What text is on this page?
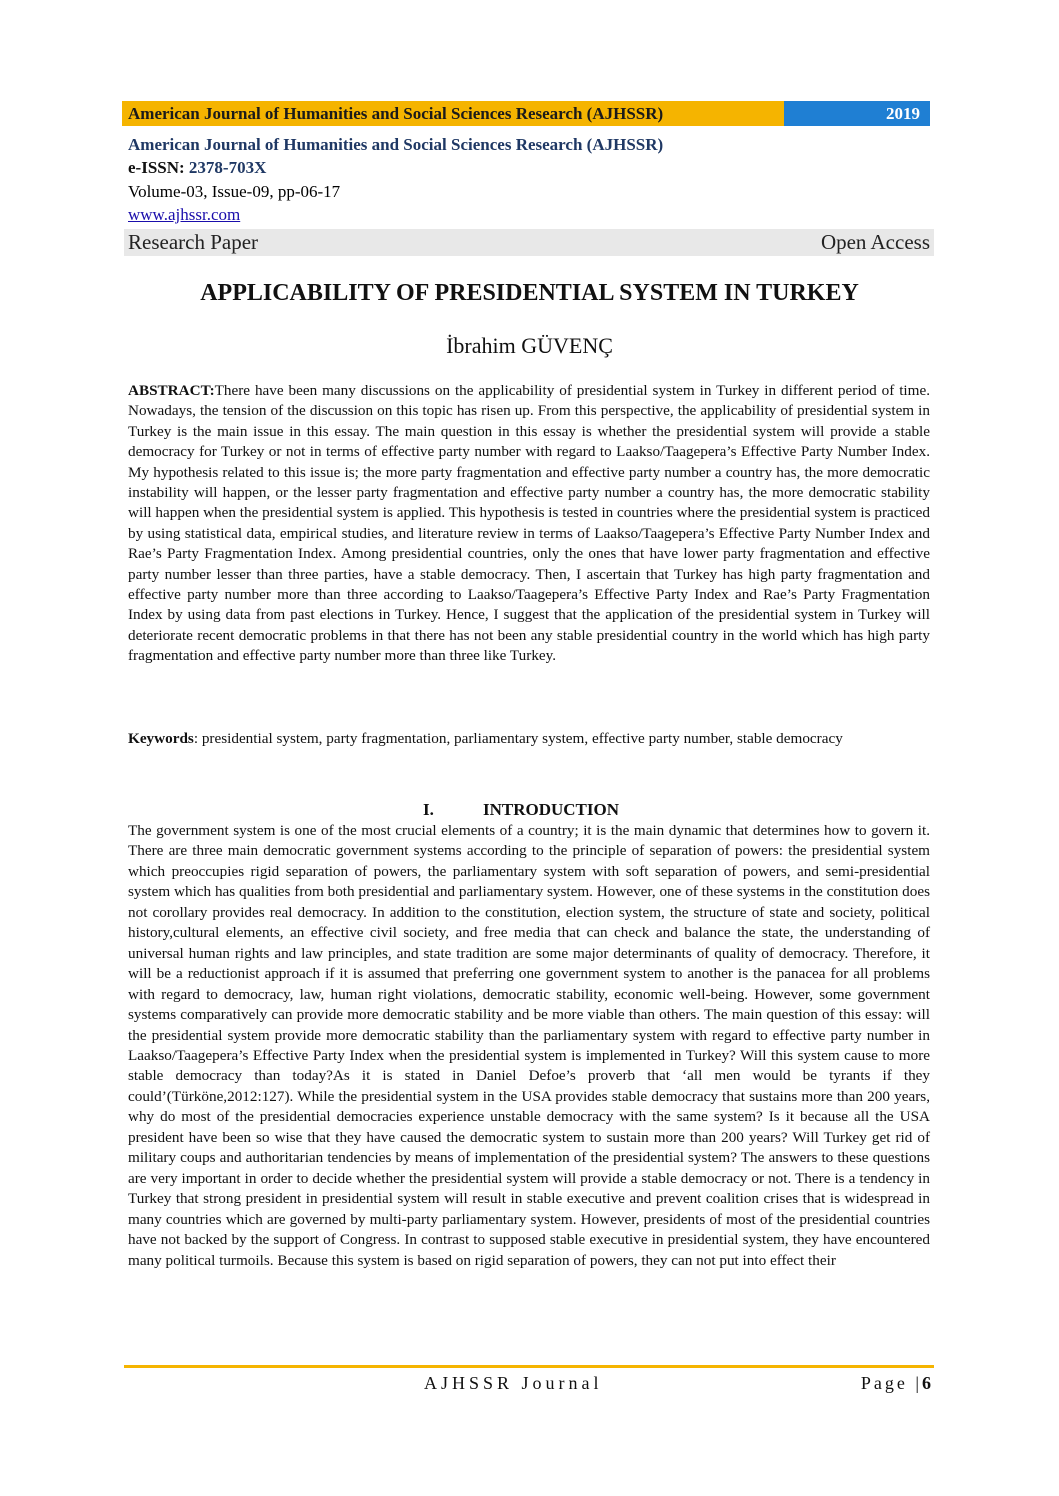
American Journal of Humanities and Social Sciences Research (AJHSSR)	2019
American Journal of Humanities and Social Sciences Research (AJHSSR)
e-ISSN: 2378-703X
Volume-03, Issue-09, pp-06-17
www.ajhssr.com
Research Paper	Open Access
APPLICABILITY OF PRESIDENTIAL SYSTEM IN TURKEY
İbrahim GÜVENÇ
ABSTRACT:There have been many discussions on the applicability of presidential system in Turkey in different period of time. Nowadays, the tension of the discussion on this topic has risen up. From this perspective, the applicability of presidential system in Turkey is the main issue in this essay. The main question in this essay is whether the presidential system will provide a stable democracy for Turkey or not in terms of effective party number with regard to Laakso/Taagepera’s Effective Party Number Index. My hypothesis related to this issue is; the more party fragmentation and effective party number a country has, the more democratic instability will happen, or the lesser party fragmentation and effective party number a country has, the more democratic stability will happen when the presidential system is applied. This hypothesis is tested in countries where the presidential system is practiced by using statistical data, empirical studies, and literature review in terms of Laakso/Taagepera’s Effective Party Number Index and Rae’s Party Fragmentation Index. Among presidential countries, only the ones that have lower party fragmentation and effective party number lesser than three parties, have a stable democracy. Then, I ascertain that Turkey has high party fragmentation and effective party number more than three according to Laakso/Taagepera’s Effective Party Index and Rae’s Party Fragmentation Index by using data from past elections in Turkey. Hence, I suggest that the application of the presidential system in Turkey will deteriorate recent democratic problems in that there has not been any stable presidential country in the world which has high party fragmentation and effective party number more than three like Turkey.
Keywords: presidential system, party fragmentation, parliamentary system, effective party number, stable democracy
I.	INTRODUCTION
The government system is one of the most crucial elements of a country; it is the main dynamic that determines how to govern it. There are three main democratic government systems according to the principle of separation of powers: the presidential system which preoccupies rigid separation of powers, the parliamentary system with soft separation of powers, and semi-presidential system which has qualities from both presidential and parliamentary system. However, one of these systems in the constitution does not corollary provides real democracy. In addition to the constitution, election system, the structure of state and society, political history,cultural elements, an effective civil society, and free media that can check and balance the state, the understanding of universal human rights and law principles, and state tradition are some major determinants of quality of democracy. Therefore, it will be a reductionist approach if it is assumed that preferring one government system to another is the panacea for all problems with regard to democracy, law, human right violations, democratic stability, economic well-being. However, some government systems comparatively can provide more democratic stability and be more viable than others. The main question of this essay: will the presidential system provide more democratic stability than the parliamentary system with regard to effective party number in Laakso/Taagepera’s Effective Party Index when the presidential system is implemented in Turkey? Will this system cause to more stable democracy than today?As it is stated in Daniel Defoe’s proverb that ‘all men would be tyrants if they could’(Türköne,2012:127). While the presidential system in the USA provides stable democracy that sustains more than 200 years, why do most of the presidential democracies experience unstable democracy with the same system? Is it because all the USA president have been so wise that they have caused the democratic system to sustain more than 200 years? Will Turkey get rid of military coups and authoritarian tendencies by means of implementation of the presidential system? The answers to these questions are very important in order to decide whether the presidential system will provide a stable democracy or not. There is a tendency in Turkey that strong president in presidential system will result in stable executive and prevent coalition crises that is widespread in many countries which are governed by multi-party parliamentary system. However, presidents of most of the presidential countries have not backed by the support of Congress. In contrast to supposed stable executive in presidential system, they have encountered many political turmoils. Because this system is based on rigid separation of powers, they can not put into effect their
AJHSSR Journal	Page |6
